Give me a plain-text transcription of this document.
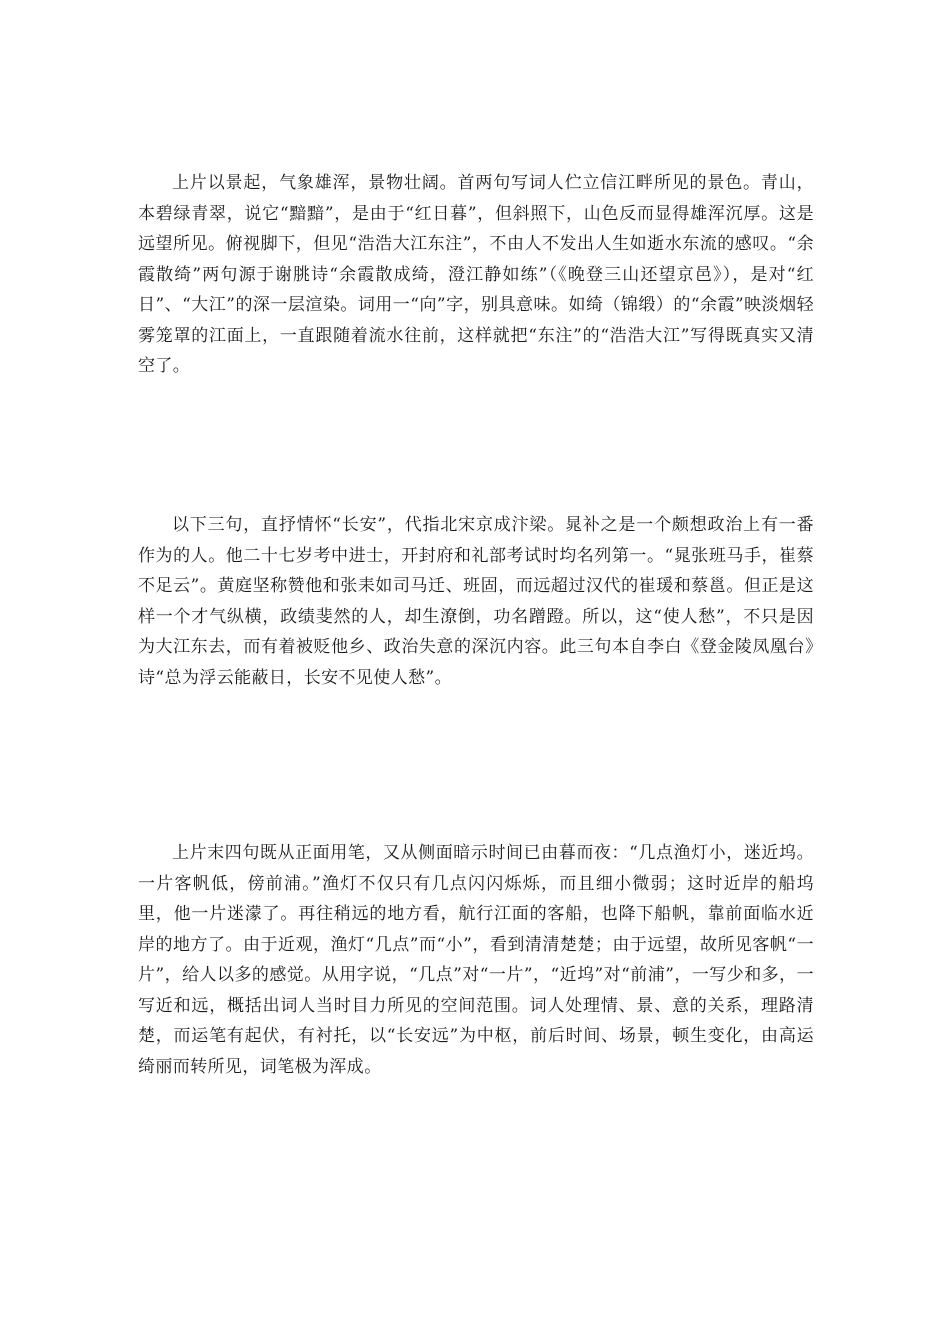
上片以景起，气象雄浑，景物壮阔。首两句写词人伫立信江畔所见的景色。青山，本碧绿青翠，说它“黯黯”，是由于“红日暮”，但斜照下，山色反而显得雄浑沉厚。这是远望所见。俯视脚下，但见“浩浩大江东注”，不由人不发出人生如逝水东流的感叹。“余霞散绮”两句源于谢朓诗“余霞散成绮，澄江静如练”（《晚登三山还望京邑》），是对“红日”、“大江”的深一层渲染。词用一“向”字，别具意味。如绮（锦缎）的“余霞”映淡烟轻雾笼罩的江面上，一直跟随着流水往前，这样就把“东注”的“浩浩大江”写得既真实又清空了。

以下三句，直抒情怀“长安”，代指北宋京成汴梁。晁补之是一个颇想政治上有一番作为的人。他二十七岁考中进士，开封府和礼部考试时均名列第一。“晁张班马手，崔蔡不足云”。黄庭坚称赞他和张耒如司马迁、班固，而远超过汉代的崔瑗和蔡邕。但正是这样一个才气纵横，政绩斐然的人，却生潦倒，功名蹭蹬。所以，这“使人愁”，不只是因为大江东去，而有着被贬他乡、政治失意的深沉内容。此三句本自李白《登金陵凤凰台》诗“总为浮云能蔽日，长安不见使人愁”。

上片末四句既从正面用笔，又从侧面暗示时间已由暮而夜：“几点渔灯小，迷近坞。一片客帆低，傍前浦。”渔灯不仅只有几点闪闪烁烁，而且细小微弱；这时近岸的船坞里，他一片迷濛了。再往稍远的地方看，航行江面的客船，也降下船帆，靠前面临水近岸的地方了。由于近观，渔灯“几点”而“小”，看到清清楚楚；由于远望，故所见客帆“一片”，给人以多的感觉。从用字说，“几点”对“一片”，“近坞”对“前浦”，一写少和多，一写近和远，概括出词人当时目力所见的空间范围。词人处理情、景、意的关系，理路清楚，而运笔有起伏，有衬托，以“长安远”为中枢，前后时间、场景，顿生变化，由高运绮丽而转所见，词笔极为浑成。
